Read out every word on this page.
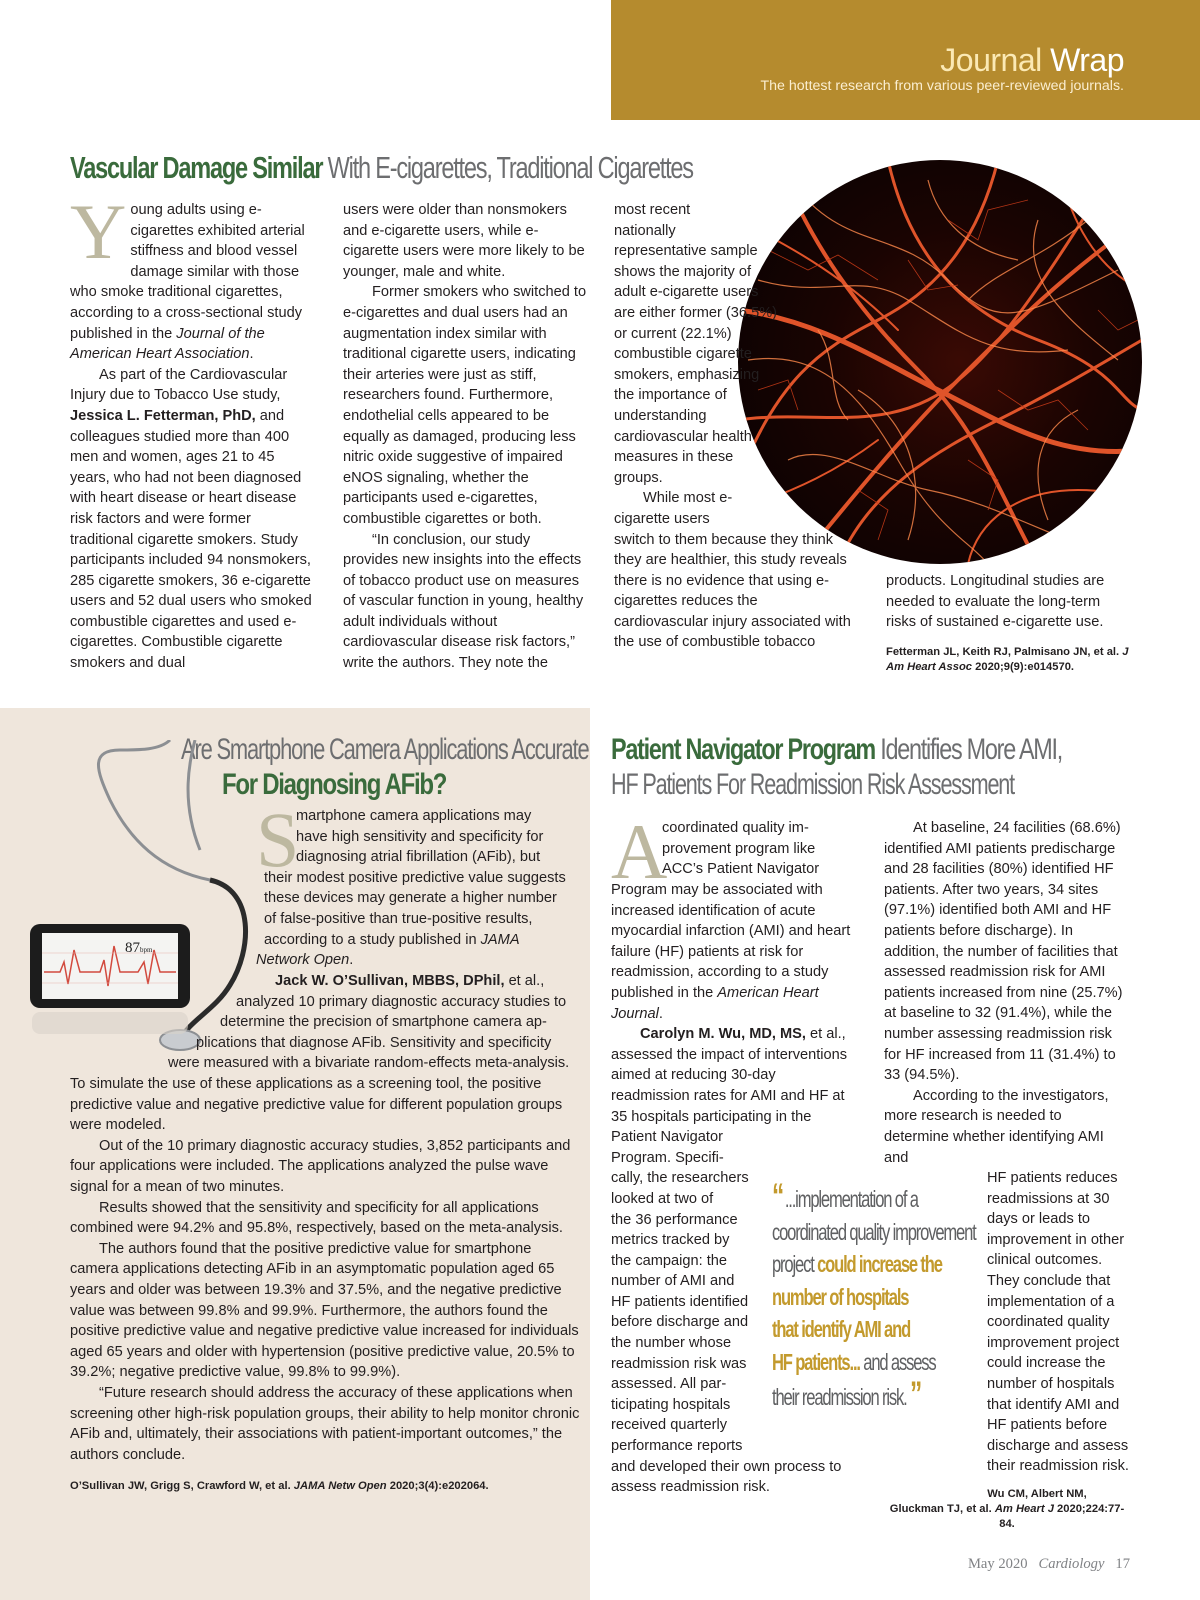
Journal Wrap
The hottest research from various peer-reviewed journals.
Vascular Damage Similar With E-cigarettes, Traditional Cigarettes

Young adults using e-cigarettes exhibited arterial stiffness and blood vessel damage similar with those who smoke traditional cigarettes, according to a cross-sectional study published in the Journal of the American Heart Association.

As part of the Cardiovascular Injury due to Tobacco Use study, Jessica L. Fetterman, PhD, and colleagues studied more than 400 men and women, ages 21 to 45 years, who had not been diagnosed with heart disease or heart disease risk factors and were former traditional cigarette smokers. Study participants included 94 nonsmokers, 285 cigarette smokers, 36 e-cigarette users and 52 dual users who smoked combustible cigarettes and used e-cigarettes. Combustible cigarette smokers and dual

users were older than nonsmokers and e-cigarette users, while e-cigarette users were more likely to be younger, male and white.

Former smokers who switched to e-cigarettes and dual users had an augmentation index similar with traditional cigarette users, indicating their arteries were just as stiff, researchers found. Furthermore, endothelial cells appeared to be equally as damaged, producing less nitric oxide suggestive of impaired eNOS signaling, whether the participants used e-cigarettes, combustible cigarettes or both.

“In conclusion, our study provides new insights into the effects of tobacco product use on measures of vascular function in young, healthy adult individuals without cardiovascular disease risk factors,” write the authors. They note the

most recent nationally representative sample shows the majority of adult e-cigarette users are either former (36.5%) or current (22.1%) combustible cigarette smokers, emphasizing the importance of understanding cardiovascular health measures in these groups.

While most e-cigarette users switch to them because they think they are healthier, this study reveals there is no evidence that using e-cigarettes reduces the cardiovascular injury associated with the use of combustible tobacco

products. Longitudinal studies are needed to evaluate the long-term risks of sustained e-cigarette use.

Fetterman JL, Keith RJ, Palmisano JN, et al. J Am Heart Assoc 2020;9(9):e014570.

Are Smartphone Camera Applications Accurate
For Diagnosing AFib?
87bpm
S
martphone camera applications may
have high sensitivity and specificity for
diagnosing atrial fibrillation (AFib), but
their modest positive predictive value suggests
these devices may generate a higher number
of false-positive than true-positive results,
according to a study published in JAMA
Network Open.
Jack W. O’Sullivan, MBBS, DPhil, et al.,
analyzed 10 primary diagnostic accuracy studies to
determine the precision of smartphone camera ap-
plications that diagnose AFib. Sensitivity and specificity
were measured with a bivariate random-effects meta-analysis.

To simulate the use of these applications as a screening tool, the positive predictive value and negative predictive value for different population groups were modeled.

Out of the 10 primary diagnostic accuracy studies, 3,852 participants and four applications were included. The applications analyzed the pulse wave signal for a mean of two minutes.

Results showed that the sensitivity and specificity for all applications combined were 94.2% and 95.8%, respectively, based on the meta-analysis.

The authors found that the positive predictive value for smartphone camera applications detecting AFib in an asymptomatic population aged 65 years and older was between 19.3% and 37.5%, and the negative predictive value was between 99.8% and 99.9%. Furthermore, the authors found the positive predictive value and negative predictive value increased for individuals aged 65 years and older with hypertension (positive predictive value, 20.5% to 39.2%; negative predictive value, 99.8% to 99.9%).

“Future research should address the accuracy of these applications when screening other high-risk population groups, their ability to help monitor chronic AFib and, ultimately, their associations with patient-important outcomes,” the authors conclude.

O’Sullivan JW, Grigg S, Crawford W, et al. JAMA Netw Open 2020;3(4):e202064.

Patient Navigator Program Identifies More AMI,
HF Patients For Readmission Risk Assessment
A
coordinated quality im-
provement program like
ACC’s Patient Navigator

Program may be associated with increased identification of acute myocardial infarction (AMI) and heart failure (HF) patients at risk for readmission, according to a study published in the American Heart Journal.

Carolyn M. Wu, MD, MS, et al., assessed the impact of interventions aimed at reducing 30-day readmission rates for AMI and HF at 35 hospitals participating in the Patient Navigator

Program. Specifi-
cally, the researchers
looked at two of
the 36 performance
metrics tracked by
the campaign: the
number of AMI and
HF patients identified
before discharge and
the number whose
readmission risk was
assessed. All par-
ticipating hospitals
received quarterly
performance reports

and developed their own process to assess readmission risk.

At baseline, 24 facilities (68.6%) identified AMI patients predischarge and 28 facilities (80%) identified HF patients. After two years, 34 sites (97.1%) identified both AMI and HF patients before discharge). In addition, the number of facilities that assessed readmission risk for AMI patients increased from nine (25.7%) at baseline to 32 (91.4%), while the number assessing readmission risk for HF increased from 11 (31.4%) to 33 (94.5%).

According to the investigators, more research is needed to determine whether identifying AMI and

HF patients reduces
readmissions at 30
days or leads to
improvement in other
clinical outcomes.
They conclude that
implementation of a
coordinated quality
improvement project
could increase the
number of hospitals
that identify AMI and
HF patients before
discharge and assess
their readmission risk.

Wu CM, Albert NM,

Gluckman TJ, et al. Am Heart J 2020;224:77-84.

“ ...implementation of a
coordinated quality improvement
project could increase the
number of hospitals
that identify AMI and
HF patients... and assess
their readmission risk. ”
May 2020 Cardiology 17
